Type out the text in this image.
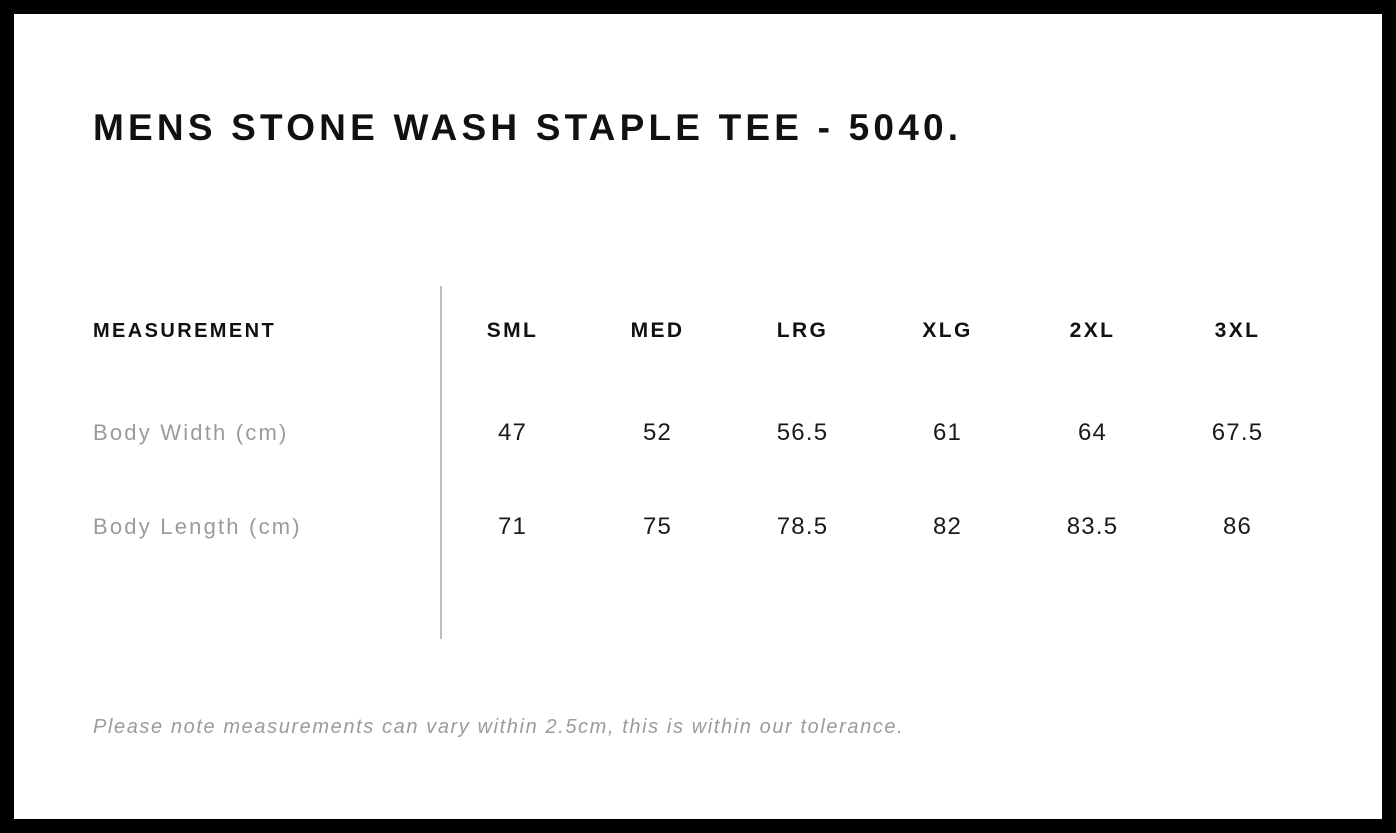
MENS STONE WASH STAPLE TEE - 5040.
MEASUREMENT	SML	MED	LRG	XLG	2XL	3XL
Body Width (cm)	47	52	56.5	61	64	67.5
Body Length (cm)	71	75	78.5	82	83.5	86
Please note measurements can vary within 2.5cm, this is within our tolerance.
